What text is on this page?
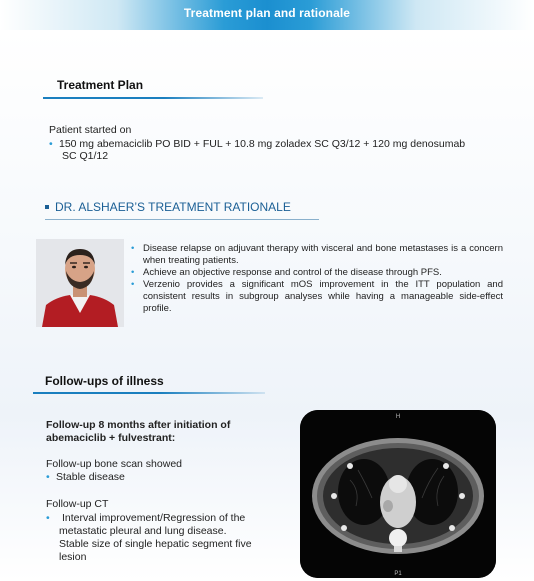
Treatment plan and rationale
Treatment Plan
Patient started on
• 150 mg abemaciclib PO BID + FUL + 10.8 mg zoladex SC Q3/12 + 120 mg denosumab
SC Q1/12
DR. ALSHAER’S TREATMENT RATIONALE
• Disease relapse on adjuvant therapy with visceral and bone metastases is a concern when treating patients.
• Achieve an objective response and control of the disease through PFS.
• Verzenio provides a significant mOS improvement in the ITT population and consistent results in subgroup analyses while having a manageable side-effect profile.
Follow-ups of illness
Follow-up 8 months after initiation of
abemaciclib + fulvestrant:
Follow-up bone scan showed
• Stable disease
Follow-up CT
• Interval improvement/Regression of the
metastatic pleural and lung disease.
Stable size of single hepatic segment five
lesion
H
P1
